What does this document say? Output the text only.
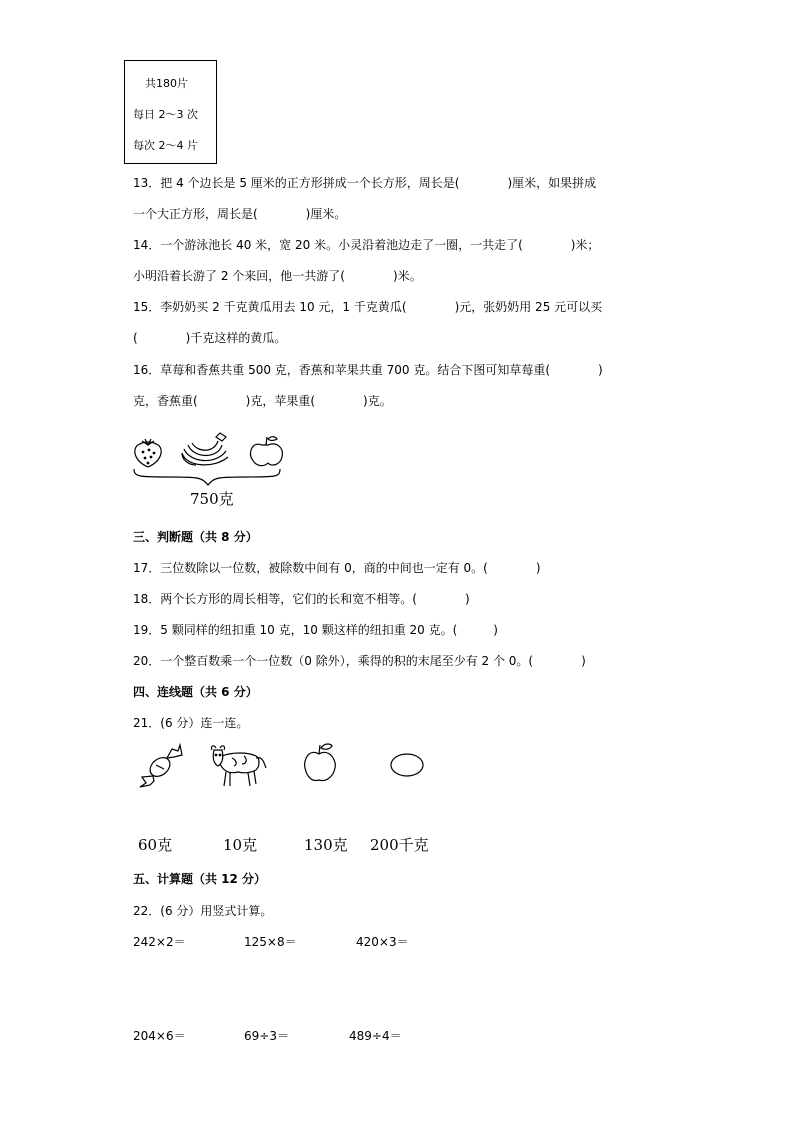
共180片
每日 2～3 次
每次 2～4 片
13．把 4 个边长是 5 厘米的正方形拼成一个长方形，周长是(　　　　)厘米，如果拼成
一个大正方形，周长是(　　　　)厘米。
14．一个游泳池长 40 米，宽 20 米。小灵沿着池边走了一圈，一共走了(　　　　)米；
小明沿着长游了 2 个来回，他一共游了(　　　　)米。
15．李奶奶买 2 千克黄瓜用去 10 元，1 千克黄瓜(　　　　)元，张奶奶用 25 元可以买
(　　　　)千克这样的黄瓜。
16．草莓和香蕉共重 500 克，香蕉和苹果共重 700 克。结合下图可知草莓重(　　　　)
克，香蕉重(　　　　)克，苹果重(　　　　)克。
750克
三、判断题（共 8 分）
17．三位数除以一位数，被除数中间有 0，商的中间也一定有 0。(　　　　)
18．两个长方形的周长相等，它们的长和宽不相等。(　　　　)
19．5 颗同样的纽扣重 10 克，10 颗这样的纽扣重 20 克。(　　　)
20．一个整百数乘一个一位数（0 除外），乘得的积的末尾至少有 2 个 0。(　　　　)
四、连线题（共 6 分）
21．(6 分）连一连。
60克	10克	130克 200千克
五、计算题（共 12 分）
22．(6 分）用竖式计算。
242×2＝	125×8＝	420×3＝
204×6＝	69÷3＝	489÷4＝
